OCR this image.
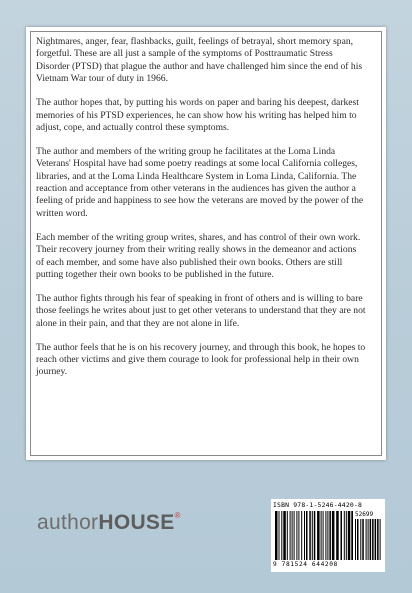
Nightmares, anger, fear, flashbacks, guilt, feelings of betrayal, short memory span, forgetful. These are all just a sample of the symptoms of Posttraumatic Stress Disorder (PTSD) that plague the author and have challenged him since the end of his Vietnam War tour of duty in 1966.

The author hopes that, by putting his words on paper and baring his deepest, darkest memories of his PTSD experiences, he can show how his writing has helped him to adjust, cope, and actually control these symptoms.

The author and members of the writing group he facilitates at the Loma Linda Veterans' Hospital have had some poetry readings at some local California colleges, libraries, and at the Loma Linda Healthcare System in Loma Linda, California. The reaction and acceptance from other veterans in the audiences has given the author a feeling of pride and happiness to see how the veterans are moved by the power of the written word.

Each member of the writing group writes, shares, and has control of their own work. Their recovery journey from their writing really shows in the demeanor and actions of each member, and some have also published their own books. Others are still putting together their own books to be published in the future.

The author fights through his fear of speaking in front of others and is willing to bare those feelings he writes about just to get other veterans to understand that they are not alone in their pain, and that they are not alone in life.

The author feels that he is on his recovery journey, and through this book, he hopes to reach other victims and give them courage to look for professional help in their own journey.

authorHOUSE®
ISBN 978-1-5246-4420-8
52699
9 781524 644208
